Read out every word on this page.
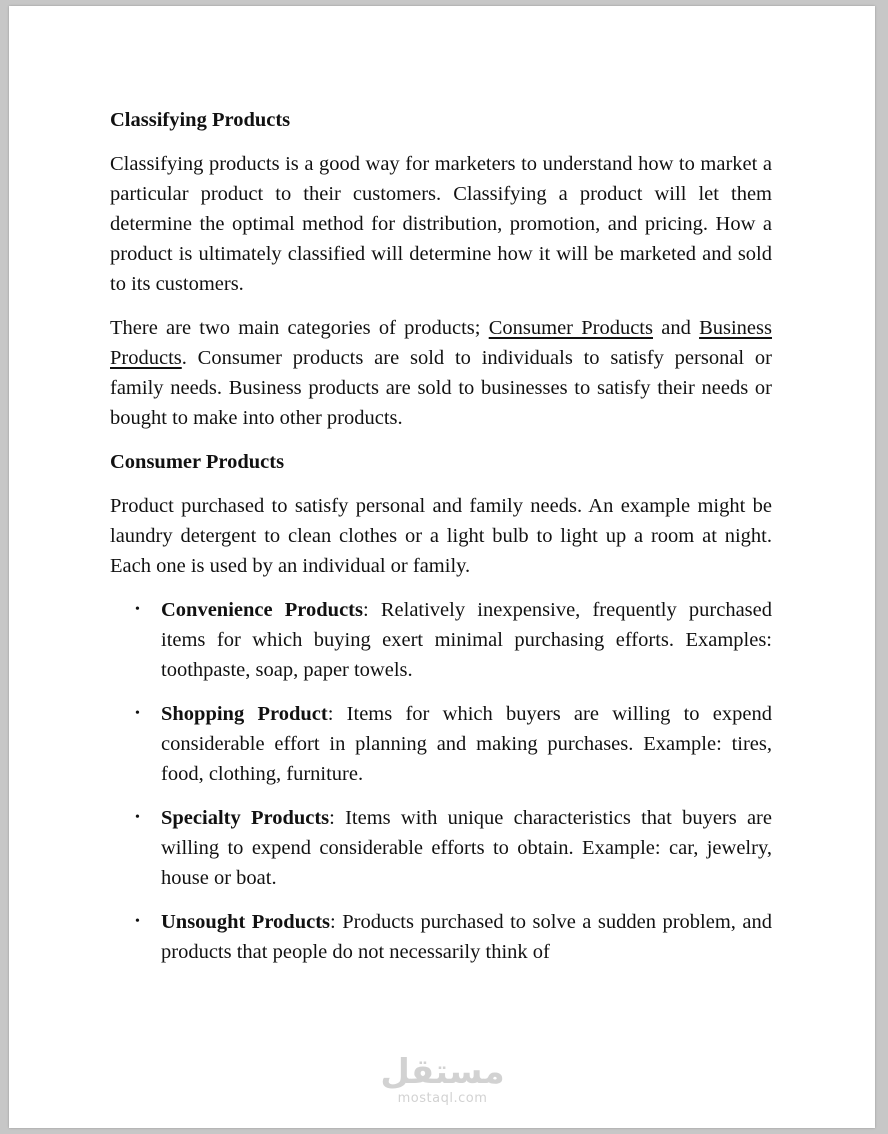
Classifying Products

Classifying products is a good way for marketers to understand how to market a particular product to their customers. Classifying a product will let them determine the optimal method for distribution, promotion, and pricing. How a product is ultimately classified will determine how it will be marketed and sold to its customers.

There are two main categories of products; Consumer Products and Business Products. Consumer products are sold to individuals to satisfy personal or family needs. Business products are sold to businesses to satisfy their needs or bought to make into other products.

Consumer Products

Product purchased to satisfy personal and family needs. An example might be laundry detergent to clean clothes or a light bulb to light up a room at night. Each one is used by an individual or family.

• Convenience Products: Relatively inexpensive, frequently purchased items for which buying exert minimal purchasing efforts. Examples: toothpaste, soap, paper towels.
• Shopping Product: Items for which buyers are willing to expend considerable effort in planning and making purchases. Example: tires, food, clothing, furniture.
• Specialty Products: Items with unique characteristics that buyers are willing to expend considerable efforts to obtain. Example: car, jewelry, house or boat.
• Unsought Products: Products purchased to solve a sudden problem, and products that people do not necessarily think of
مستقل
mostaql.com
